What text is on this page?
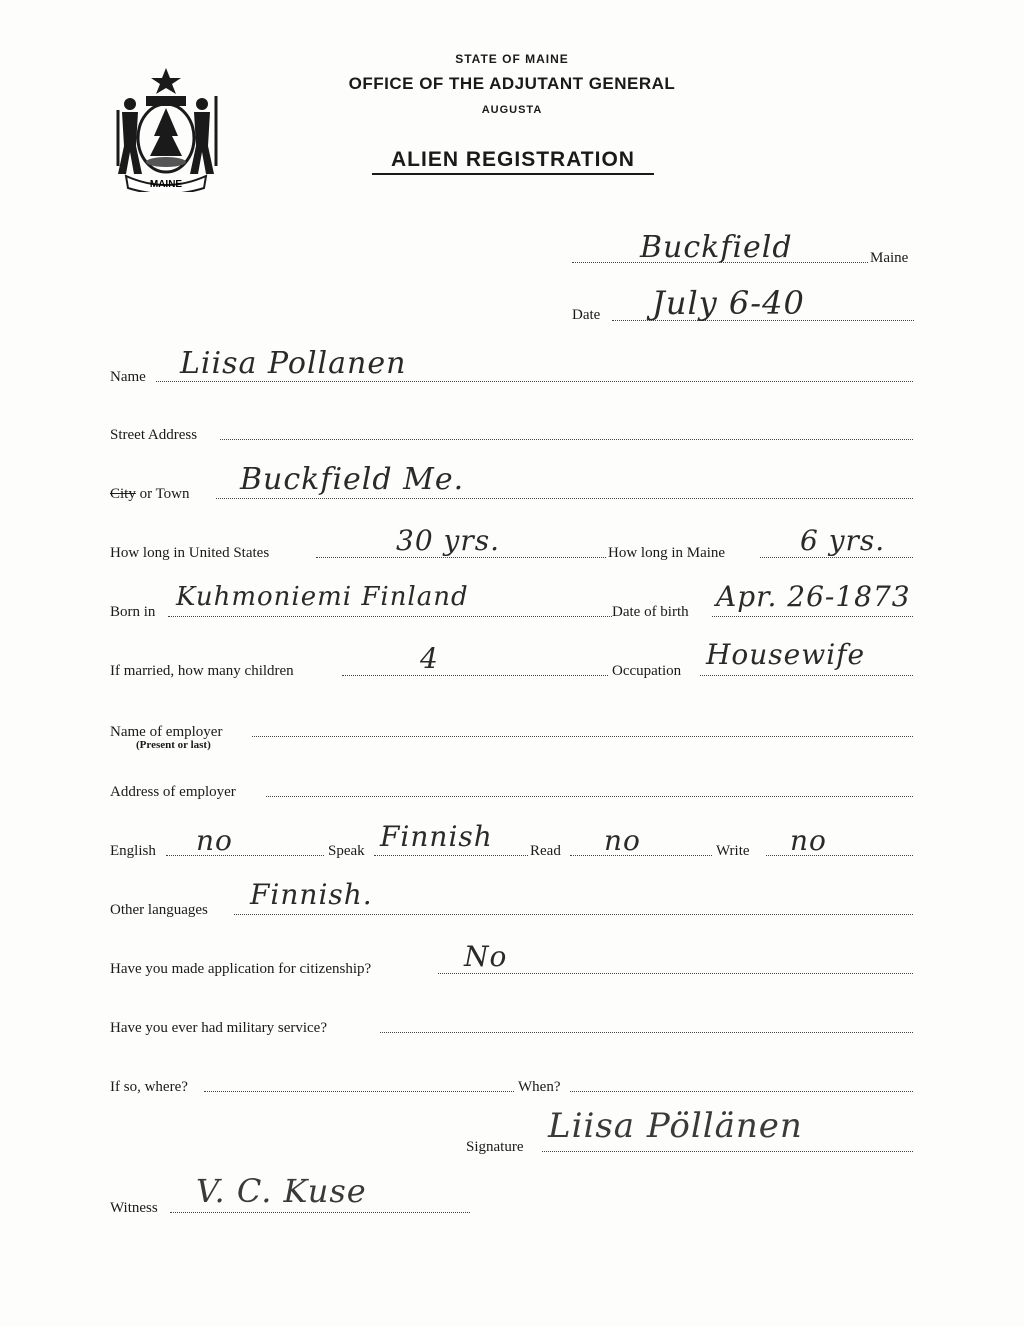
MAINE
STATE OF MAINE
OFFICE OF THE ADJUTANT GENERAL
AUGUSTA
ALIEN REGISTRATION
Buckfield	Maine
Date July 6-40
Name Liisa Pollanen
Street Address
City or Town Buckfield Me.
How long in United States	30 yrs.	How long in Maine	6 yrs.
Born in Kuhmoniemi Finland	Date of birth Apr. 26-1873
If married, how many children	4	Occupation Housewife
Name of employer
(Present or last)
Address of employer
English no	Speak Finnish Read no	Write no
Other languages Finnish.
Have you made application for citizenship?	No
Have you ever had military service?
If so, where?	When?
Signature
Liisa Pöllänen
Witness V. C. Kuse
